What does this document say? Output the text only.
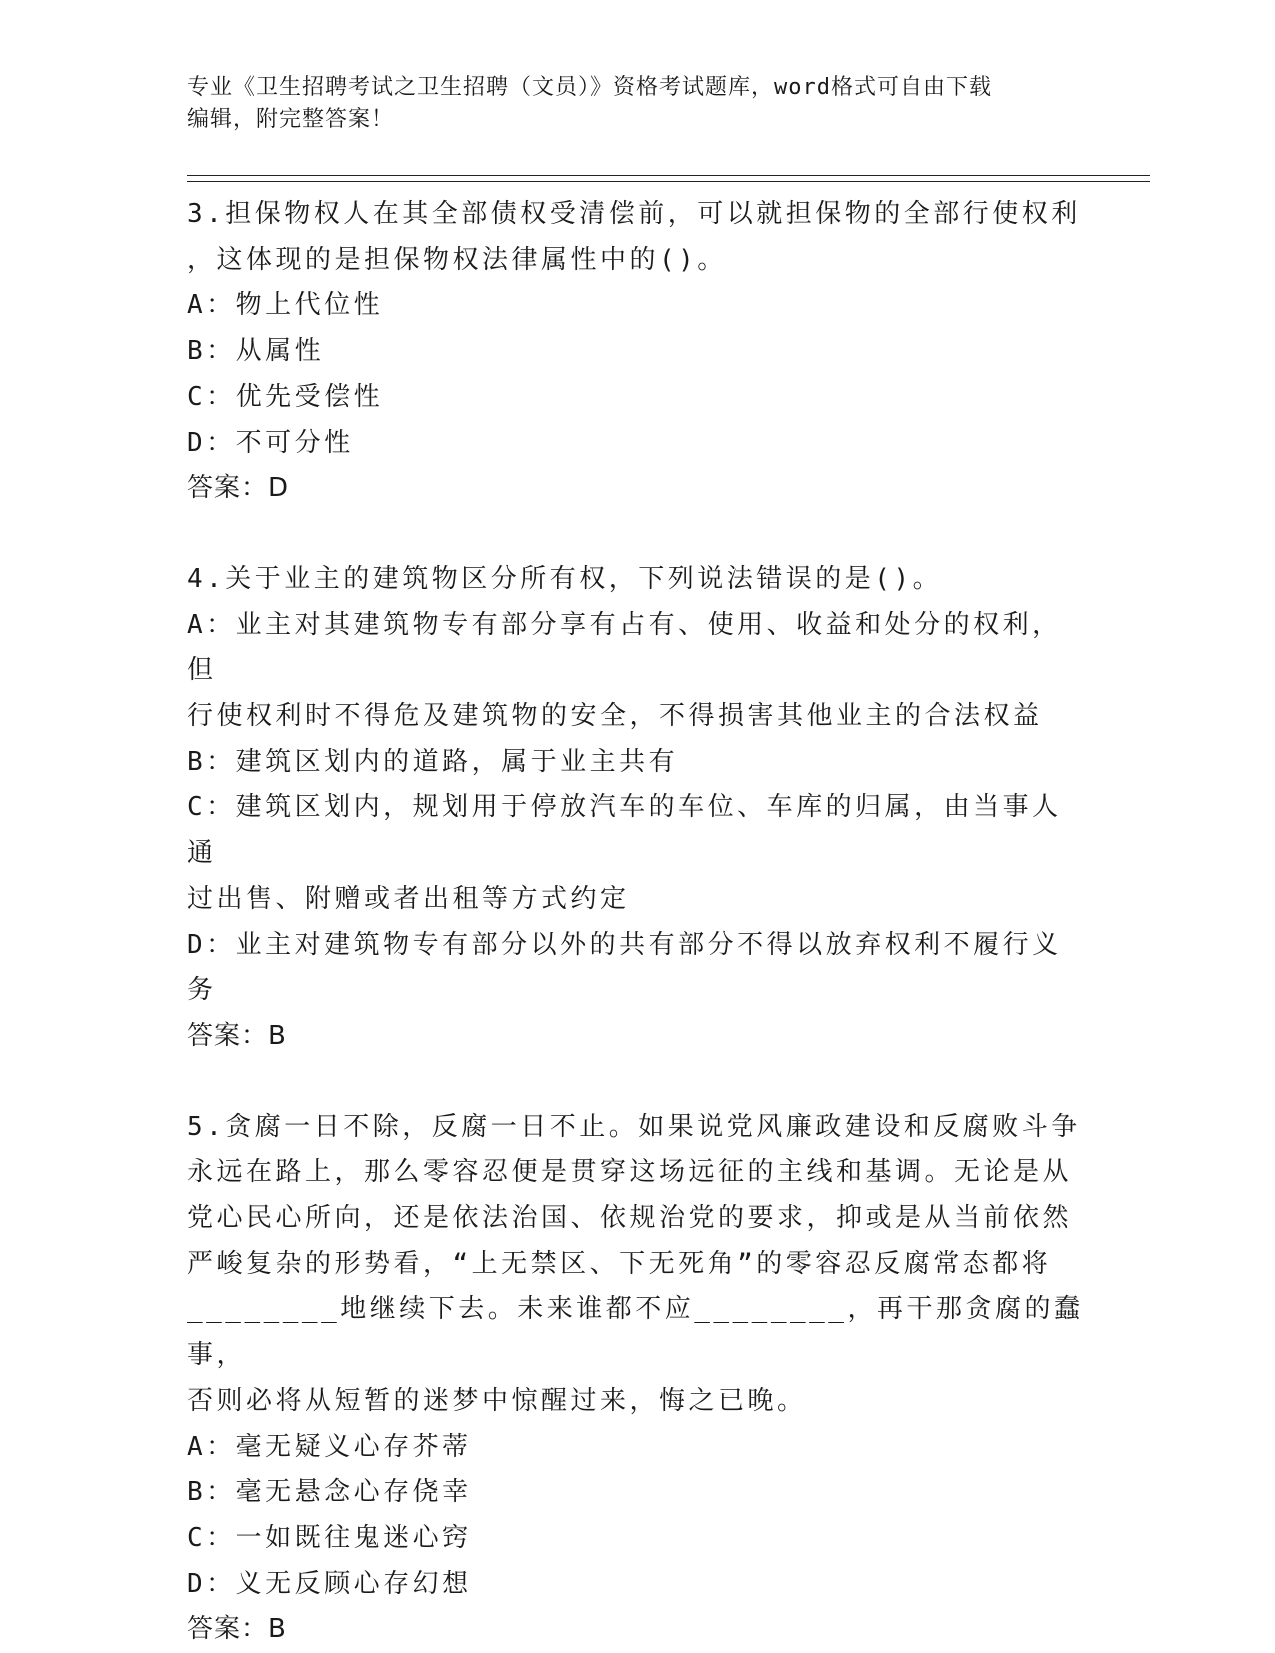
专业《卫生招聘考试之卫生招聘（文员）》资格考试题库，word格式可自由下载
编辑，附完整答案！
3.担保物权人在其全部债权受清偿前，可以就担保物的全部行使权利
，这体现的是担保物权法律属性中的()。
A：物上代位性
B：从属性
C：优先受偿性
D：不可分性
答案：D
4.关于业主的建筑物区分所有权，下列说法错误的是()。
A：业主对其建筑物专有部分享有占有、使用、收益和处分的权利，但
行使权利时不得危及建筑物的安全，不得损害其他业主的合法权益
B：建筑区划内的道路，属于业主共有
C：建筑区划内，规划用于停放汽车的车位、车库的归属，由当事人通
过出售、附赠或者出租等方式约定
D：业主对建筑物专有部分以外的共有部分不得以放弃权利不履行义务
答案：B
5.贪腐一日不除，反腐一日不止。如果说党风廉政建设和反腐败斗争
永远在路上，那么零容忍便是贯穿这场远征的主线和基调。无论是从
党心民心所向，还是依法治国、依规治党的要求，抑或是从当前依然
严峻复杂的形势看，“上无禁区、下无死角”的零容忍反腐常态都将
________地继续下去。未来谁都不应________，再干那贪腐的蠢事，
否则必将从短暂的迷梦中惊醒过来，悔之已晚。
A：毫无疑义心存芥蒂
B：毫无悬念心存侥幸
C：一如既往鬼迷心窍
D：义无反顾心存幻想
答案：B
